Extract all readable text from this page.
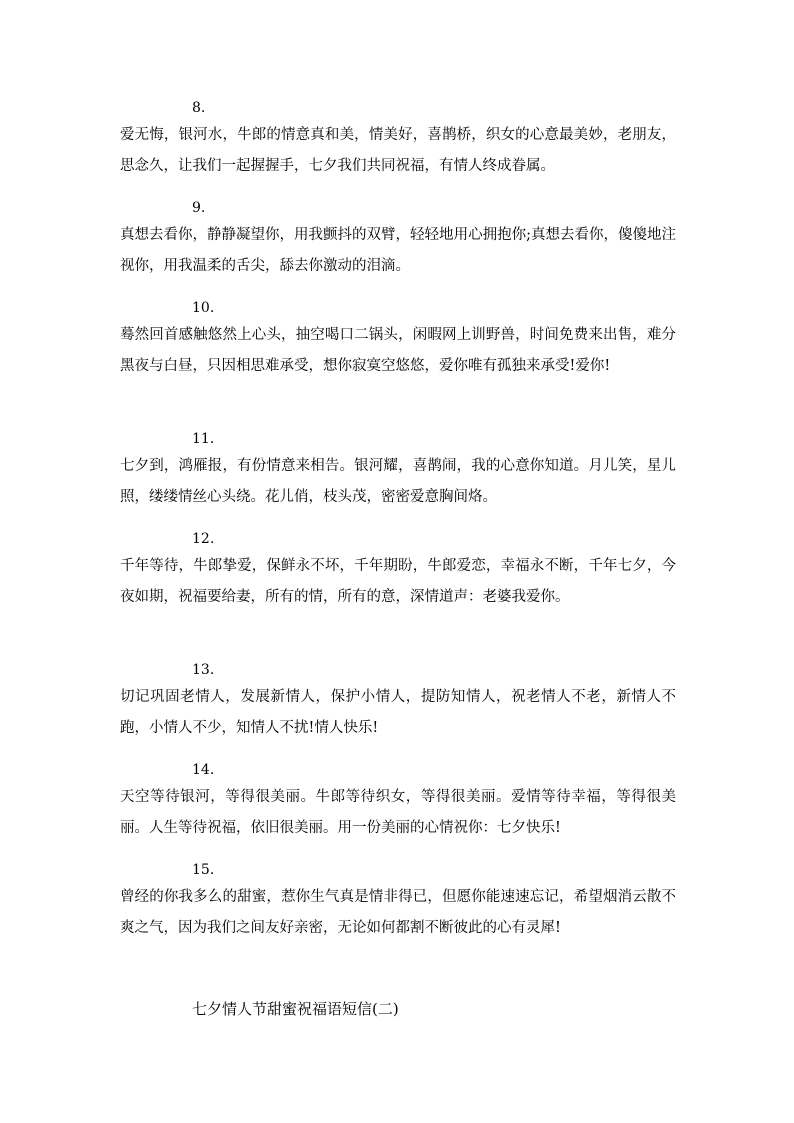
8.

爱无悔，银河水，牛郎的情意真和美，情美好，喜鹊桥，织女的心意最美妙，老朋友，思念久，让我们一起握握手，七夕我们共同祝福，有情人终成眷属。

9.

真想去看你，静静凝望你，用我颤抖的双臂，轻轻地用心拥抱你;真想去看你，傻傻地注视你，用我温柔的舌尖，舔去你激动的泪滴。

10.

蓦然回首感触悠然上心头，抽空喝口二锅头，闲暇网上训野兽，时间免费来出售，难分黑夜与白昼，只因相思难承受，想你寂寞空悠悠，爱你唯有孤独来承受!爱你!

11.

七夕到，鸿雁报，有份情意来相告。银河耀，喜鹊闹，我的心意你知道。月儿笑，星儿照，缕缕情丝心头绕。花儿俏，枝头茂，密密爱意胸间烙。

12.

千年等待，牛郎挚爱，保鲜永不坏，千年期盼，牛郎爱恋，幸福永不断，千年七夕，今夜如期，祝福要给妻，所有的情，所有的意，深情道声：老婆我爱你。

13.

切记巩固老情人，发展新情人，保护小情人，提防知情人，祝老情人不老，新情人不跑，小情人不少，知情人不扰!情人快乐!

14.

天空等待银河，等得很美丽。牛郎等待织女，等得很美丽。爱情等待幸福，等得很美丽。人生等待祝福，依旧很美丽。用一份美丽的心情祝你：七夕快乐!

15.

曾经的你我多么的甜蜜，惹你生气真是情非得已，但愿你能速速忘记，希望烟消云散不爽之气，因为我们之间友好亲密，无论如何都割不断彼此的心有灵犀!

七夕情人节甜蜜祝福语短信(二)
